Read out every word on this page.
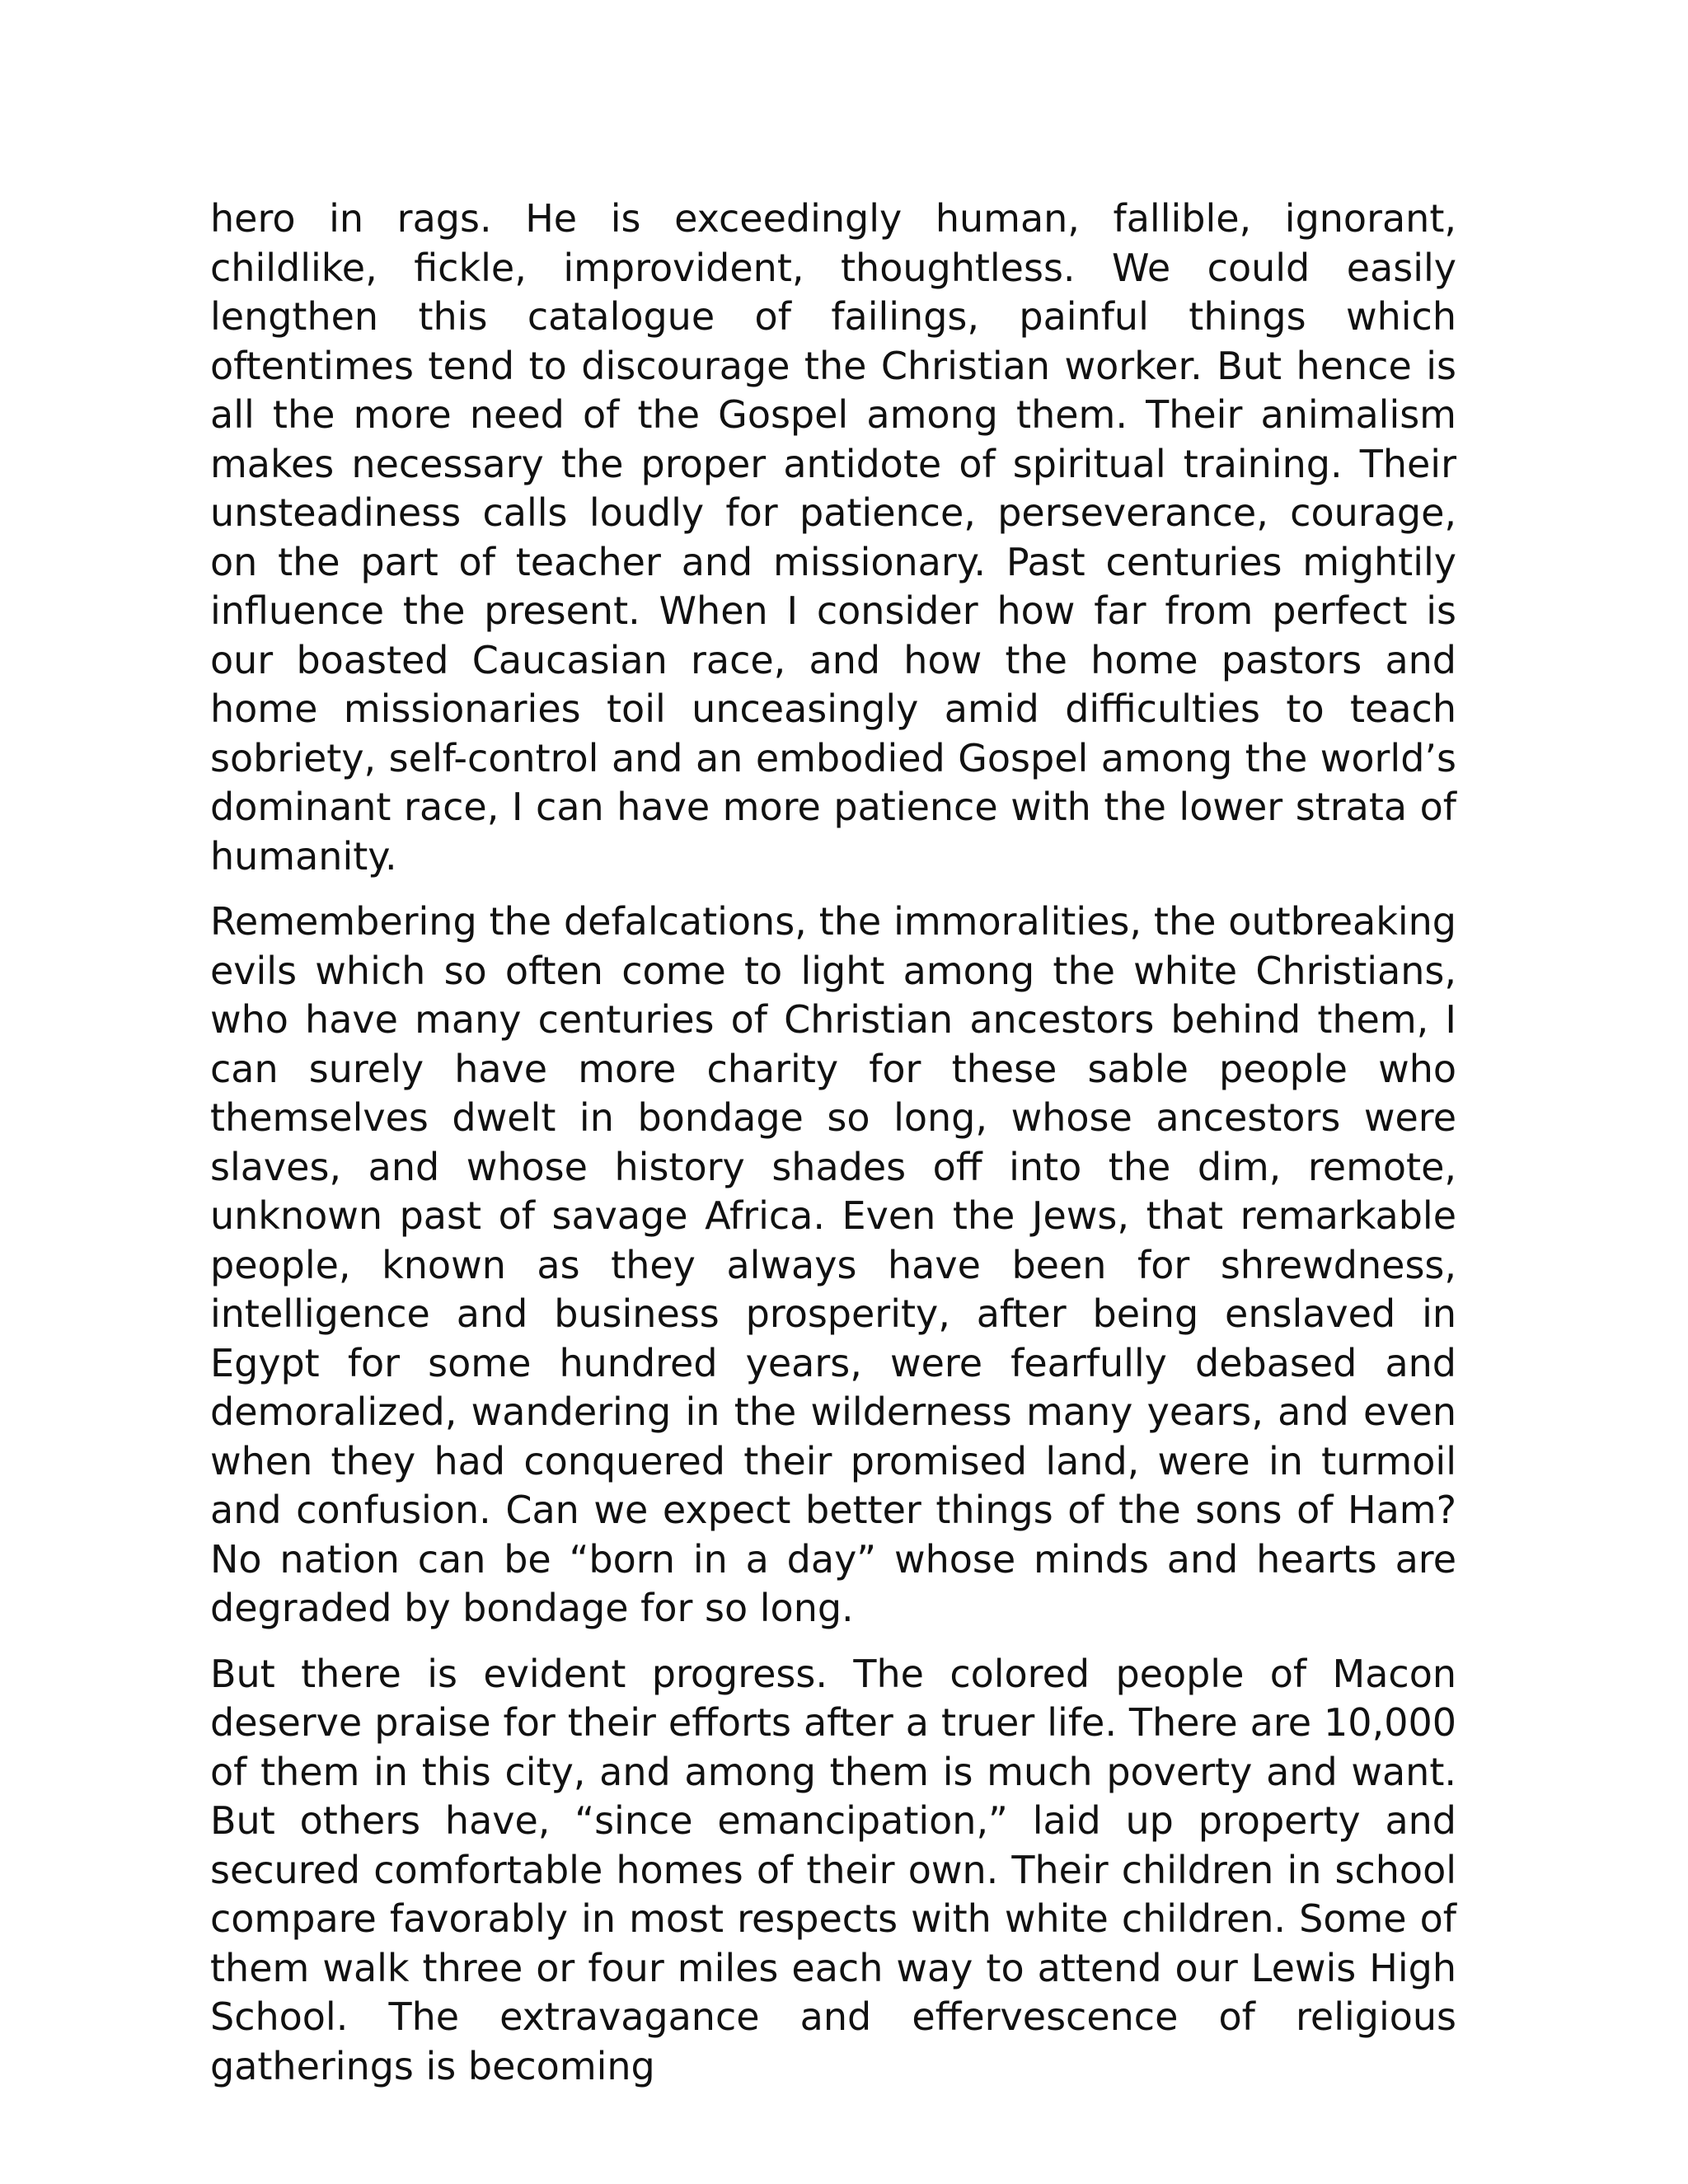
hero in rags. He is exceedingly human, fallible, ignorant, childlike, fickle, improvident, thoughtless. We could easily lengthen this catalogue of failings, painful things which oftentimes tend to discourage the Christian worker. But hence is all the more need of the Gospel among them. Their animalism makes necessary the proper antidote of spiritual training. Their unsteadiness calls loudly for patience, perseverance, courage, on the part of teacher and missionary. Past centuries mightily influence the present. When I consider how far from perfect is our boasted Caucasian race, and how the home pastors and home missionaries toil unceasingly amid difficulties to teach sobriety, self-control and an embodied Gospel among the world’s dominant race, I can have more patience with the lower strata of humanity.

Remembering the defalcations, the immoralities, the outbreaking evils which so often come to light among the white Christians, who have many centuries of Christian ancestors behind them, I can surely have more charity for these sable people who themselves dwelt in bondage so long, whose ancestors were slaves, and whose history shades off into the dim, remote, unknown past of savage Africa. Even the Jews, that remarkable people, known as they always have been for shrewdness, intelligence and business prosperity, after being enslaved in Egypt for some hundred years, were fearfully debased and demoralized, wandering in the wilderness many years, and even when they had conquered their promised land, were in turmoil and confusion. Can we expect better things of the sons of Ham? No nation can be “born in a day” whose minds and hearts are degraded by bondage for so long.

But there is evident progress. The colored people of Macon deserve praise for their efforts after a truer life. There are 10,000 of them in this city, and among them is much poverty and want. But others have, “since emancipation,” laid up property and secured comfortable homes of their own. Their children in school compare favorably in most respects with white children. Some of them walk three or four miles each way to attend our Lewis High School. The extravagance and effervescence of religious gatherings is becoming
